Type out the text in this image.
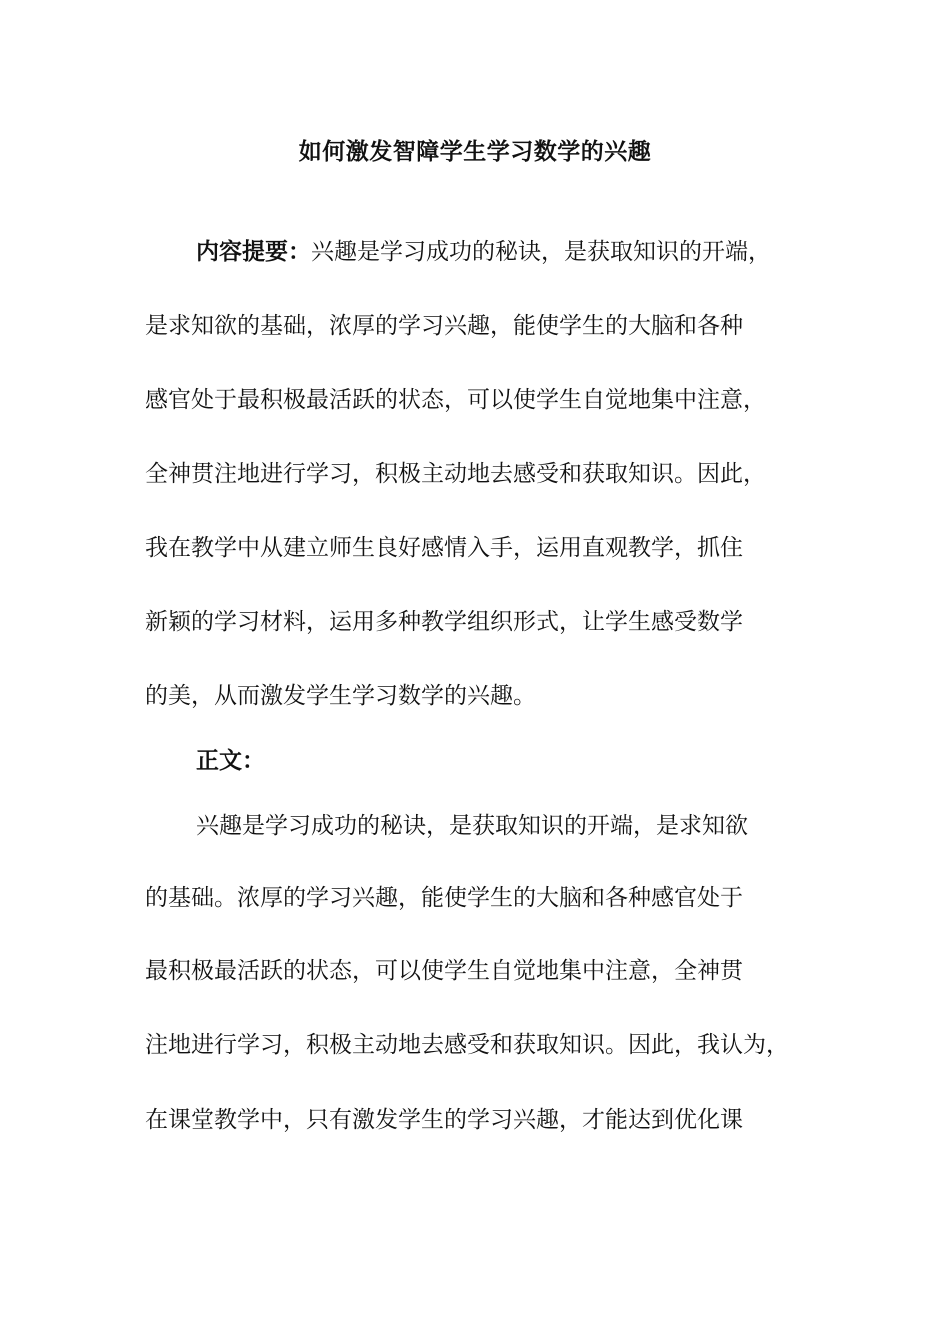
如何激发智障学生学习数学的兴趣
内容提要：兴趣是学习成功的秘诀，是获取知识的开端，
是求知欲的基础，浓厚的学习兴趣，能使学生的大脑和各种
感官处于最积极最活跃的状态，可以使学生自觉地集中注意，
全神贯注地进行学习，积极主动地去感受和获取知识。因此，
我在教学中从建立师生良好感情入手，运用直观教学，抓住
新颖的学习材料，运用多种教学组织形式，让学生感受数学
的美，从而激发学生学习数学的兴趣。
正文：
兴趣是学习成功的秘诀，是获取知识的开端，是求知欲
的基础。浓厚的学习兴趣，能使学生的大脑和各种感官处于
最积极最活跃的状态，可以使学生自觉地集中注意，全神贯
注地进行学习，积极主动地去感受和获取知识。因此，我认为，
在课堂教学中，只有激发学生的学习兴趣，才能达到优化课
